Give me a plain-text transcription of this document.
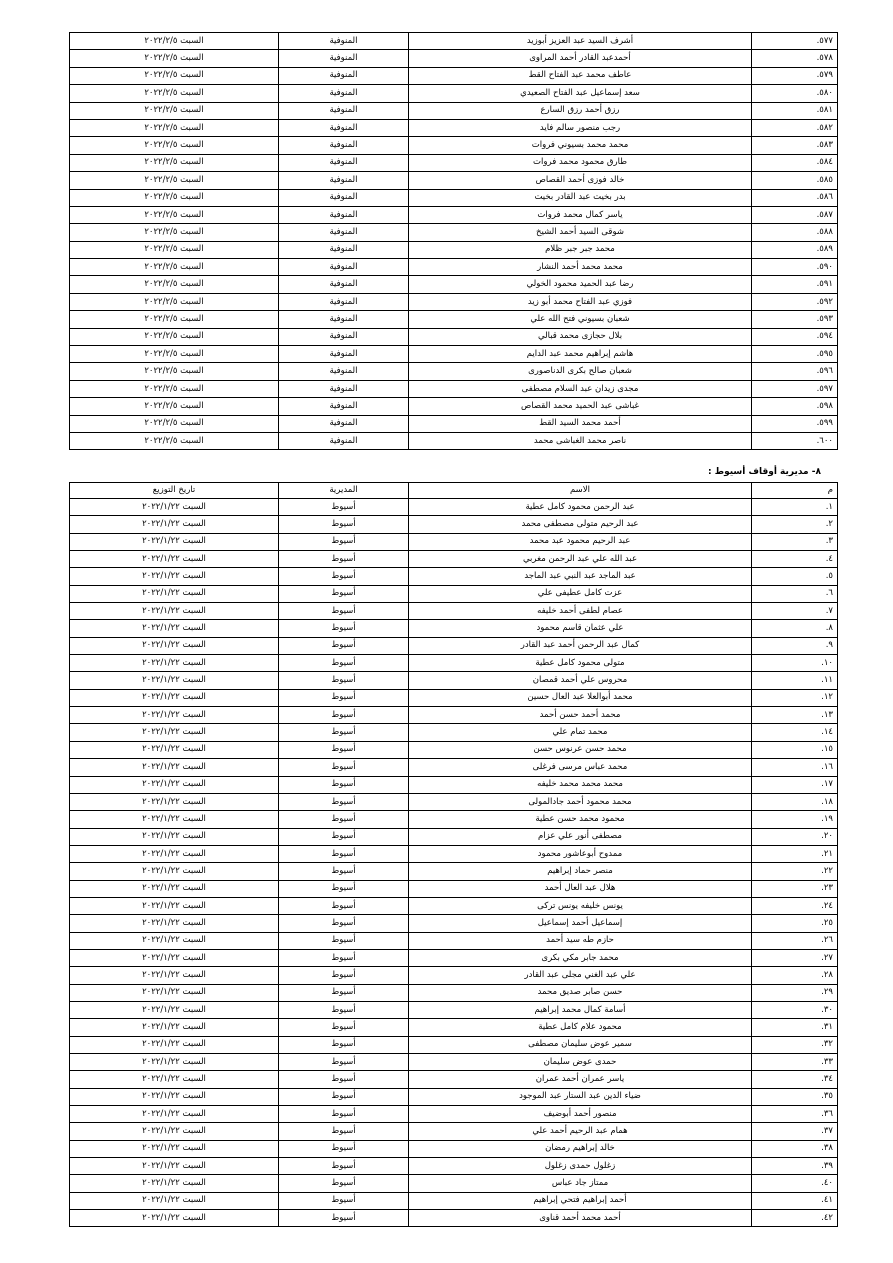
٥٧٧.	أشرف السيد عبد العزيز أبوزيد	المنوفية	السبت ٢٠٢٢/٢/٥
٥٧٨.	أحمدعبد القادر أحمد المراوى	المنوفية	السبت ٢٠٢٢/٢/٥
٥٧٩.	عاطف محمد عبد الفتاح القط	المنوفية	السبت ٢٠٢٢/٢/٥
٥٨٠.	سعد إسماعيل عبد الفتاح الصعيدي	المنوفية	السبت ٢٠٢٢/٢/٥
٥٨١.	رزق أحمد رزق السارع	المنوفية	السبت ٢٠٢٢/٢/٥
٥٨٢.	رجب منصور سالم فايد	المنوفية	السبت ٢٠٢٢/٢/٥
٥٨٣.	محمد محمد بسيوني فروات	المنوفية	السبت ٢٠٢٢/٢/٥
٥٨٤.	طارق محمود محمد فروات	المنوفية	السبت ٢٠٢٢/٢/٥
٥٨٥.	خالد فوزى أحمد القصاص	المنوفية	السبت ٢٠٢٢/٢/٥
٥٨٦.	بدر بخيت عبد القادر بخيت	المنوفية	السبت ٢٠٢٢/٢/٥
٥٨٧.	ياسر كمال محمد فروات	المنوفية	السبت ٢٠٢٢/٢/٥
٥٨٨.	شوقى السيد أحمد الشيخ	المنوفية	السبت ٢٠٢٢/٢/٥
٥٨٩.	محمد جبر جبر ظلام	المنوفية	السبت ٢٠٢٢/٢/٥
٥٩٠.	محمد محمد أحمد النشار	المنوفية	السبت ٢٠٢٢/٢/٥
٥٩١.	رضا عبد الحميد محمود الخولي	المنوفية	السبت ٢٠٢٢/٢/٥
٥٩٢.	فوزي عبد الفتاح محمد أبو زيد	المنوفية	السبت ٢٠٢٢/٢/٥
٥٩٣.	شعبان بسيوني فتح الله علي	المنوفية	السبت ٢٠٢٢/٢/٥
٥٩٤.	بلال حجازى محمد قبالي	المنوفية	السبت ٢٠٢٢/٢/٥
٥٩٥.	هاشم إبراهيم محمد عبد الدايم	المنوفية	السبت ٢٠٢٢/٢/٥
٥٩٦.	شعبان صالح بكرى الدناصورى	المنوفية	السبت ٢٠٢٢/٢/٥
٥٩٧.	مجدى زيدان عبد السلام مصطفى	المنوفية	السبت ٢٠٢٢/٢/٥
٥٩٨.	غباشى عبد الحميد محمد القصاص	المنوفية	السبت ٢٠٢٢/٢/٥
٥٩٩.	أحمد محمد السيد القط	المنوفية	السبت ٢٠٢٢/٢/٥
٦٠٠.	ناصر محمد الغباشى محمد	المنوفية	السبت ٢٠٢٢/٢/٥
٨- مديرية أوقاف أسيوط :
م	الاسم	المديرية	تاريخ التوزيع
١.	عبد الرحمن محمود كامل عطية	أسيوط	السبت ٢٠٢٢/١/٢٢
٢.	عبد الرحيم متولى مصطفى محمد	أسيوط	السبت ٢٠٢٢/١/٢٢
٣.	عبد الرحيم محمود عبد محمد	أسيوط	السبت ٢٠٢٢/١/٢٢
٤.	عبد الله علي عبد الرحمن مغربي	أسيوط	السبت ٢٠٢٢/١/٢٢
٥.	عبد الماجد عبد النبي عبد الماجد	أسيوط	السبت ٢٠٢٢/١/٢٢
٦.	عزت كامل عطيفى علي	أسيوط	السبت ٢٠٢٢/١/٢٢
٧.	عصام لطفى أحمد خليفه	أسيوط	السبت ٢٠٢٢/١/٢٢
٨.	علي عثمان قاسم محمود	أسيوط	السبت ٢٠٢٢/١/٢٢
٩.	كمال عبد الرحمن أحمد عبد القادر	أسيوط	السبت ٢٠٢٢/١/٢٢
١٠.	متولى محمود كامل عطية	أسيوط	السبت ٢٠٢٢/١/٢٢
١١.	محروس علي أحمد قمصان	أسيوط	السبت ٢٠٢٢/١/٢٢
١٢.	محمد أبوالعلا عبد العال حسين	أسيوط	السبت ٢٠٢٢/١/٢٢
١٣.	محمد أحمد حسن أحمد	أسيوط	السبت ٢٠٢٢/١/٢٢
١٤.	محمد تمام علي	أسيوط	السبت ٢٠٢٢/١/٢٢
١٥.	محمد حسن عرنوس حسن	أسيوط	السبت ٢٠٢٢/١/٢٢
١٦.	محمد عباس مرسى فرغلى	أسيوط	السبت ٢٠٢٢/١/٢٢
١٧.	محمد محمد محمد خليفه	أسيوط	السبت ٢٠٢٢/١/٢٢
١٨.	محمد محمود أحمد جادالمولى	أسيوط	السبت ٢٠٢٢/١/٢٢
١٩.	محمود محمد حسن عطية	أسيوط	السبت ٢٠٢٢/١/٢٢
٢٠.	مصطفى أنور علي عزام	أسيوط	السبت ٢٠٢٢/١/٢٢
٢١.	ممدوح أبوعاشور محمود	أسيوط	السبت ٢٠٢٢/١/٢٢
٢٢.	منصر حماد إبراهيم	أسيوط	السبت ٢٠٢٢/١/٢٢
٢٣.	هلال عبد العال أحمد	أسيوط	السبت ٢٠٢٢/١/٢٢
٢٤.	يونس خليفه يونس تركى	أسيوط	السبت ٢٠٢٢/١/٢٢
٢٥.	إسماعيل أحمد إسماعيل	أسيوط	السبت ٢٠٢٢/١/٢٢
٢٦.	حازم طه سيد أحمد	أسيوط	السبت ٢٠٢٢/١/٢٢
٢٧.	محمد جابر مكي بكرى	أسيوط	السبت ٢٠٢٢/١/٢٢
٢٨.	علي عبد الغني مجلى عبد القادر	أسيوط	السبت ٢٠٢٢/١/٢٢
٢٩.	حسن صابر صديق محمد	أسيوط	السبت ٢٠٢٢/١/٢٢
٣٠.	أسامة كمال محمد إبراهيم	أسيوط	السبت ٢٠٢٢/١/٢٢
٣١.	محمود علام كامل عطية	أسيوط	السبت ٢٠٢٢/١/٢٢
٣٢.	سمير عوض سليمان مصطفى	أسيوط	السبت ٢٠٢٢/١/٢٢
٣٣.	حمدى عوض سليمان	أسيوط	السبت ٢٠٢٢/١/٢٢
٣٤.	ياسر عمران أحمد عمران	أسيوط	السبت ٢٠٢٢/١/٢٢
٣٥.	ضياء الدين عبد الستار عبد الموجود	أسيوط	السبت ٢٠٢٢/١/٢٢
٣٦.	منصور أحمد أبوضيف	أسيوط	السبت ٢٠٢٢/١/٢٢
٣٧.	همام عبد الرحيم أحمد علي	أسيوط	السبت ٢٠٢٢/١/٢٢
٣٨.	خالد إبراهيم رمضان	أسيوط	السبت ٢٠٢٢/١/٢٢
٣٩.	زغلول حمدى زغلول	أسيوط	السبت ٢٠٢٢/١/٢٢
٤٠.	ممتاز جاد عباس	أسيوط	السبت ٢٠٢٢/١/٢٢
٤١.	أحمد إبراهيم فتحي إبراهيم	أسيوط	السبت ٢٠٢٢/١/٢٢
٤٢.	أحمد محمد أحمد قناوى	أسيوط	السبت ٢٠٢٢/١/٢٢
